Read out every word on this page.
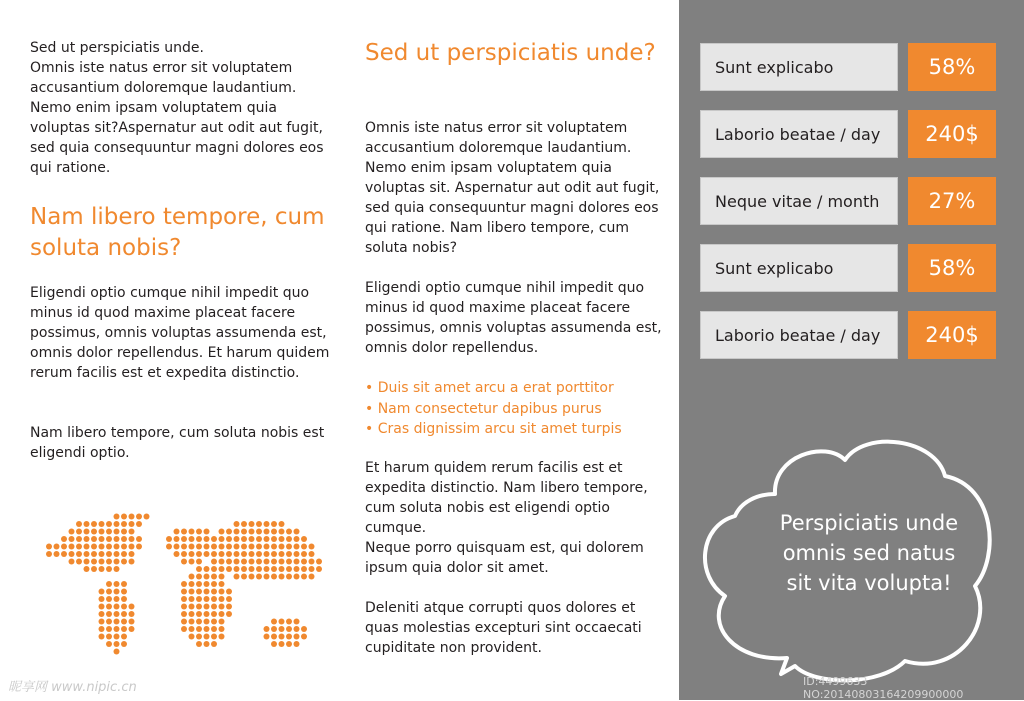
Sed ut perspiciatis unde.
Omnis iste natus error sit voluptatem accusantium doloremque laudantium. Nemo enim ipsam voluptatem quia voluptas sit?Aspernatur aut odit aut fugit, sed quia consequuntur magni dolores eos qui ratione.

Nam libero tempore, cum soluta nobis?

Eligendi optio cumque nihil impedit quo minus id quod maxime placeat facere possimus, omnis voluptas assumenda est, omnis dolor repellendus. Et harum quidem rerum facilis est et expedita distinctio.

Nam libero tempore, cum soluta nobis est eligendi optio.

Sed ut perspiciatis unde?

Omnis iste natus error sit voluptatem accusantium doloremque laudantium. Nemo enim ipsam voluptatem quia voluptas sit. Aspernatur aut odit aut fugit, sed quia consequuntur magni dolores eos qui ratione. Nam libero tempore, cum soluta nobis?

Eligendi optio cumque nihil impedit quo minus id quod maxime placeat facere possimus, omnis voluptas assumenda est, omnis dolor repellendus.

• Duis sit amet arcu a erat porttitor
• Nam consectetur dapibus purus
• Cras dignissim arcu sit amet turpis

Et harum quidem rerum facilis est et expedita distinctio. Nam libero tempore, cum soluta nobis est eligendi optio cumque.
Neque porro quisquam est, qui dolorem ipsum quia dolor sit amet.

Deleniti atque corrupti quos dolores et quas molestias excepturi sint occaecati cupiditate non provident.

Sunt explicabo	58%
Laborio beatae / day	240$
Neque vitae / month	27%
Sunt explicabo	58%
Laborio beatae / day	240$
Perspiciatis unde omnis sed natus sit vita volupta!
昵享网 www.nipic.cn	ID:4499633 NO:20140803164209900000
